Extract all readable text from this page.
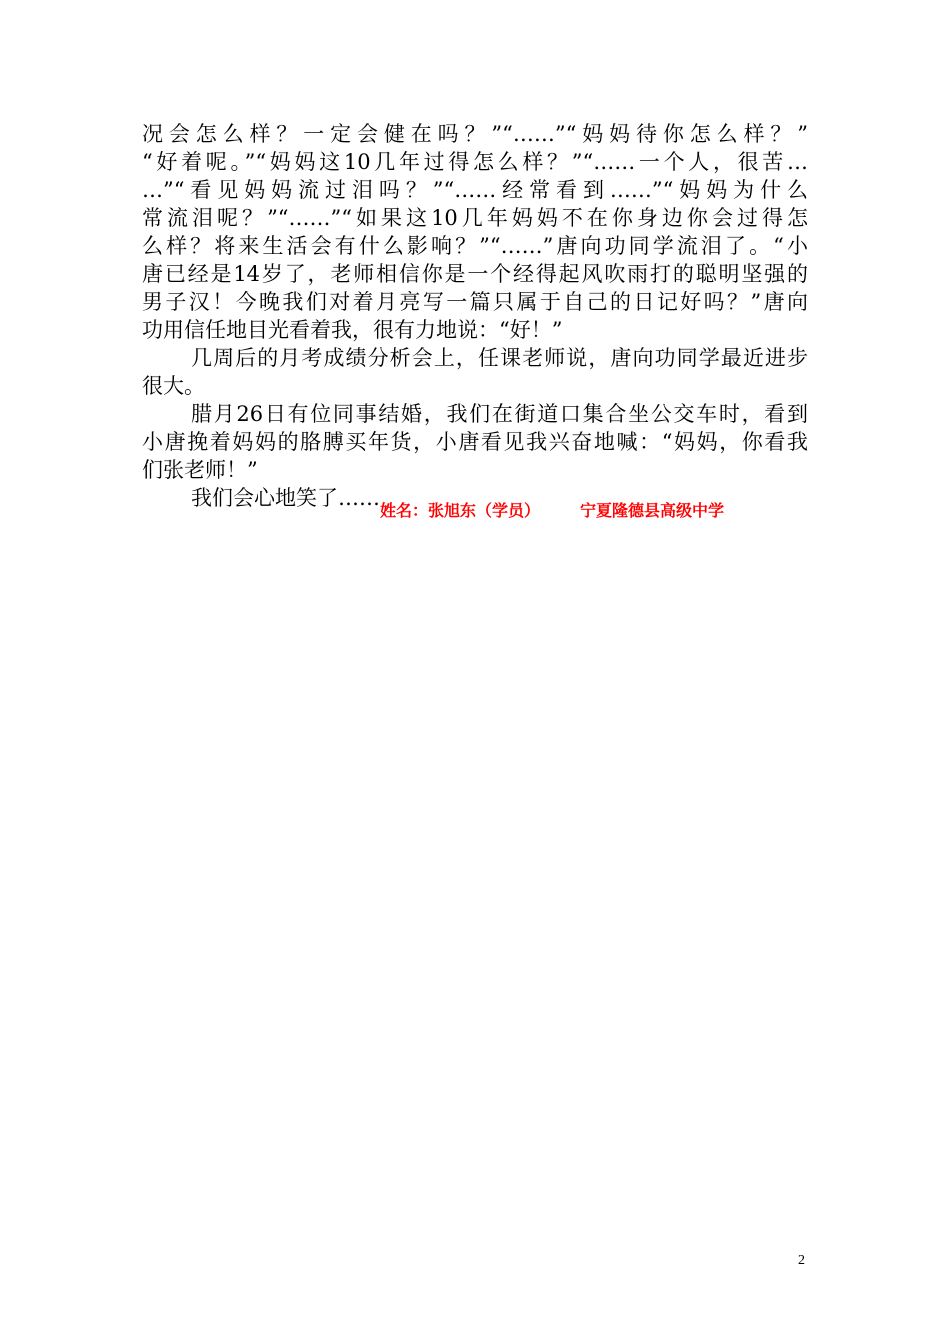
况会怎么样？一定会健在吗？”“……”“妈妈待你怎么样？”
“好着呢。”“妈妈这10几年过得怎么样？”“……一个人，很苦…
…”“看见妈妈流过泪吗？”“……经常看到……”“妈妈为什么
常流泪呢？”“……”“如果这10几年妈妈不在你身边你会过得怎
么样？将来生活会有什么影响？”“……”唐向功同学流泪了。“小
唐已经是14岁了，老师相信你是一个经得起风吹雨打的聪明坚强的
男子汉！今晚我们对着月亮写一篇只属于自己的日记好吗？”唐向
功用信任地目光看着我，很有力地说：“好！”
几周后的月考成绩分析会上，任课老师说，唐向功同学最近进步
很大。
腊月26日有位同事结婚，我们在街道口集合坐公交车时，看到
小唐挽着妈妈的胳膊买年货，小唐看见我兴奋地喊：“妈妈，你看我
们张老师！”
我们会心地笑了……
姓名：张旭东（学员） 宁夏隆德县高级中学
2
